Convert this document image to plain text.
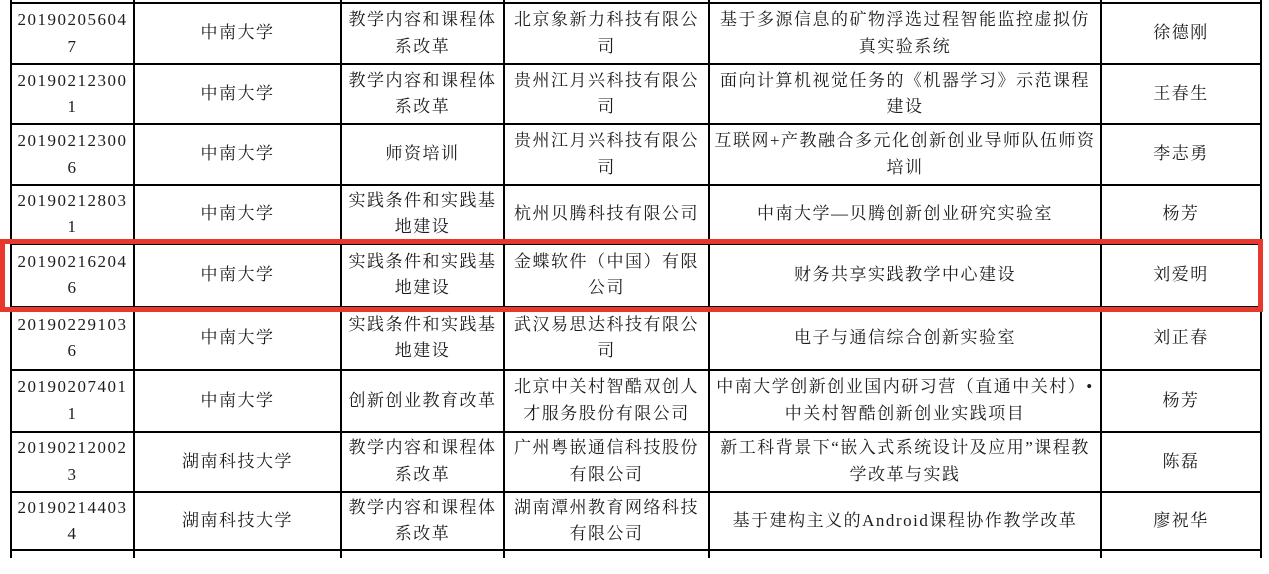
201902056047	中南大学	教学内容和课程体系改革	北京象新力科技有限公司	基于多源信息的矿物浮选过程智能监控虚拟仿真实验系统	徐德刚
201902123001	中南大学	教学内容和课程体系改革	贵州江月兴科技有限公司	面向计算机视觉任务的《机器学习》示范课程建设	王春生
201902123006	中南大学	师资培训	贵州江月兴科技有限公司	互联网+产教融合多元化创新创业导师队伍师资培训	李志勇
201902128031	中南大学	实践条件和实践基地建设	杭州贝腾科技有限公司	中南大学—贝腾创新创业研究实验室	杨芳
201902162046	中南大学	实践条件和实践基地建设	金蝶软件（中国）有限公司	财务共享实践教学中心建设	刘爱明
201902291036	中南大学	实践条件和实践基地建设	武汉易思达科技有限公司	电子与通信综合创新实验室	刘正春
201902074011	中南大学	创新创业教育改革	北京中关村智酷双创人才服务股份有限公司	中南大学创新创业国内研习营（直通中关村）•中关村智酷创新创业实践项目	杨芳
201902120023	湖南科技大学	教学内容和课程体系改革	广州粤嵌通信科技股份有限公司	新工科背景下“嵌入式系统设计及应用”课程教学改革与实践	陈磊
201902144034	湖南科技大学	教学内容和课程体系改革	湖南潭州教育网络科技有限公司	基于建构主义的Android课程协作教学改革	廖祝华
